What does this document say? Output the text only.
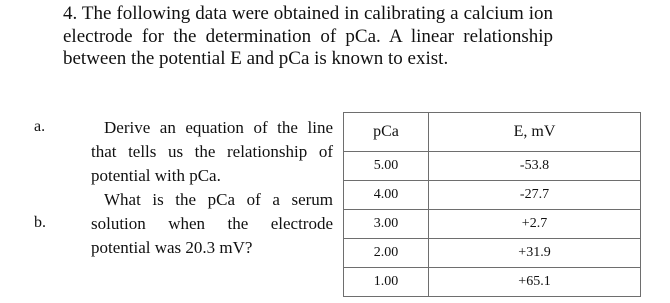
4. The following data were obtained in calibrating a calcium ion electrode for the determination of pCa. A linear relationship between the potential E and pCa is known to exist.
a.
b.
Derive an equation of the line that tells us the relationship of potential with pCa.
What is the pCa of a serum solution when the electrode potential was 20.3 mV?
pCa	E, mV
5.00	-53.8
4.00	-27.7
3.00	+2.7
2.00	+31.9
1.00	+65.1
